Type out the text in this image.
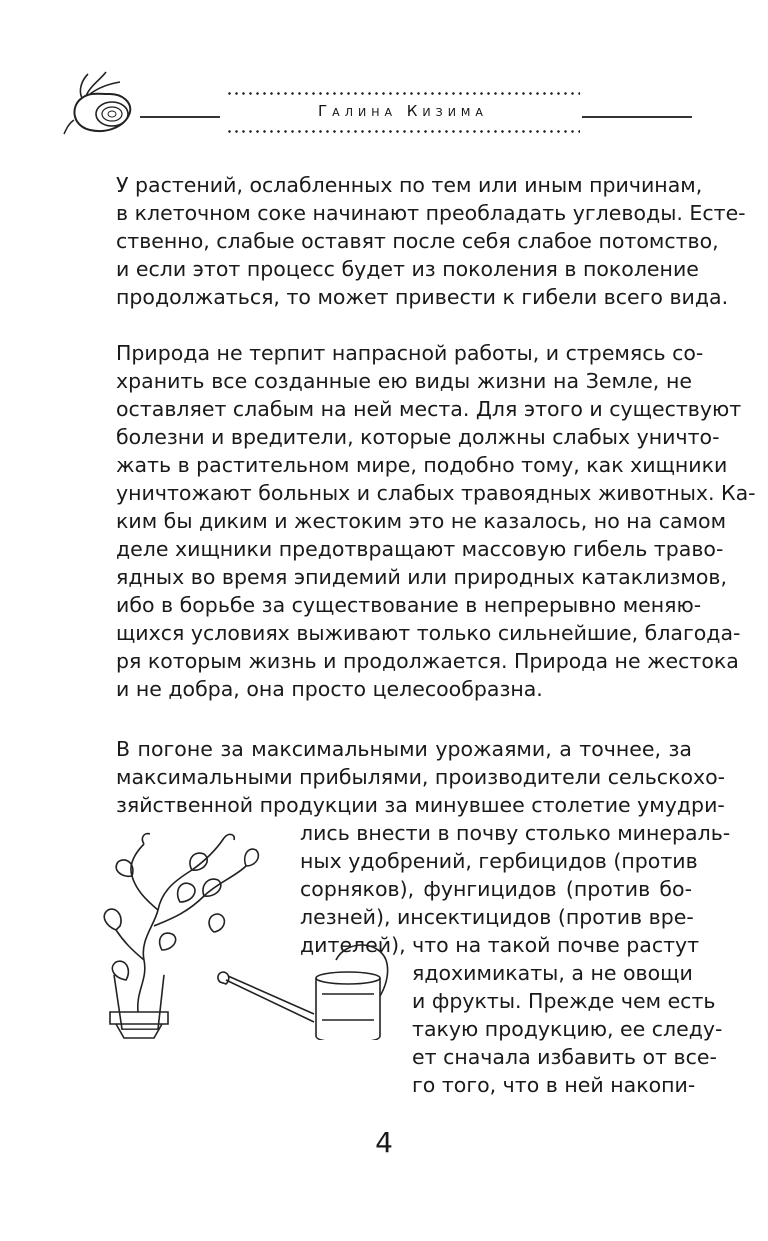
Галина Кизима
У растений, ослабленных по тем или иным причинам,
в клеточном соке начинают преобладать углеводы. Есте-
ственно, слабые оставят после себя слабое потомство,
и если этот процесс будет из поколения в поколение
продолжаться, то может привести к гибели всего вида.
Природа не терпит напрасной работы, и стремясь со-
хранить все созданные ею виды жизни на Земле, не
оставляет слабым на ней места. Для этого и существуют
болезни и вредители, которые должны слабых уничто-
жать в растительном мире, подобно тому, как хищники
уничтожают больных и слабых травоядных животных. Ка-
ким бы диким и жестоким это не казалось, но на самом
деле хищники предотвращают массовую гибель траво-
ядных во время эпидемий или природных катаклизмов,
ибо в борьбе за существование в непрерывно меняю-
щихся условиях выживают только сильнейшие, благода-
ря которым жизнь и продолжается. Природа не жестока
и не добра, она просто целесообразна.
В погоне за максимальными урожаями, а точнее, за
максимальными прибылями, производители сельскохо-
зяйственной продукции за минувшее столетие умудри-
лись внести в почву столько минераль-
ных удобрений, гербицидов (против
сорняков), фунгицидов (против бо-
лезней), инсектицидов (против вре-
дителей), что на такой почве растут
ядохимикаты, а не овощи
и фрукты. Прежде чем есть
такую продукцию, ее следу-
ет сначала избавить от все-
го того, что в ней накопи-
4
